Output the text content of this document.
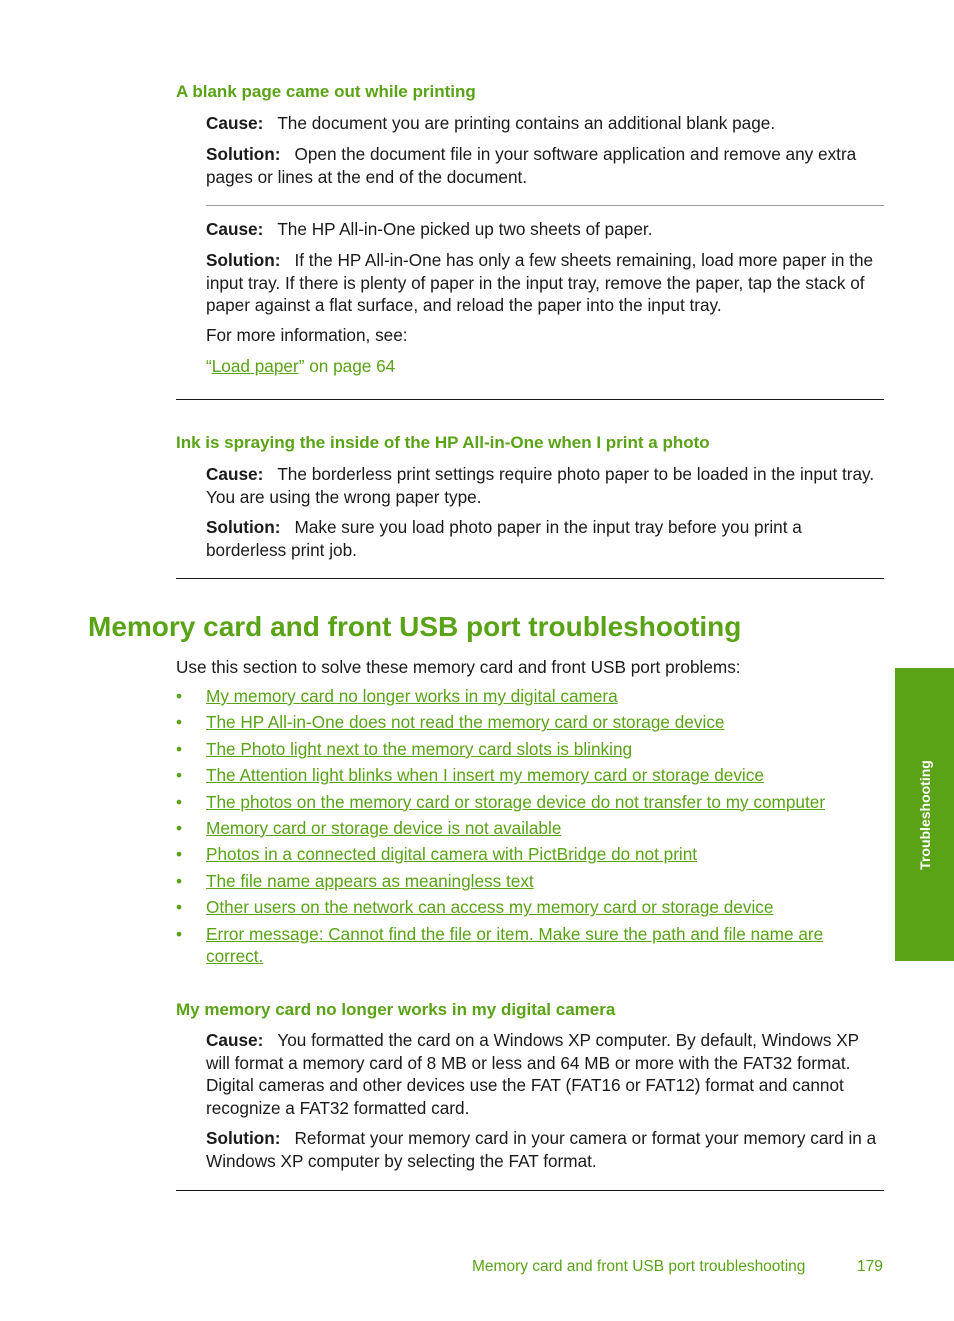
A blank page came out while printing

Cause: The document you are printing contains an additional blank page.

Solution: Open the document file in your software application and remove any extra pages or lines at the end of the document.

Cause: The HP All-in-One picked up two sheets of paper.

Solution: If the HP All-in-One has only a few sheets remaining, load more paper in the input tray. If there is plenty of paper in the input tray, remove the paper, tap the stack of paper against a flat surface, and reload the paper into the input tray.

For more information, see:

“Load paper” on page 64

Ink is spraying the inside of the HP All-in-One when I print a photo

Cause: The borderless print settings require photo paper to be loaded in the input tray. You are using the wrong paper type.

Solution: Make sure you load photo paper in the input tray before you print a borderless print job.

Memory card and front USB port troubleshooting

Use this section to solve these memory card and front USB port problems:

• My memory card no longer works in my digital camera
• The HP All-in-One does not read the memory card or storage device
• The Photo light next to the memory card slots is blinking
• The Attention light blinks when I insert my memory card or storage device
• The photos on the memory card or storage device do not transfer to my computer
• Memory card or storage device is not available
• Photos in a connected digital camera with PictBridge do not print
• The file name appears as meaningless text
• Other users on the network can access my memory card or storage device
• Error message: Cannot find the file or item. Make sure the path and file name are correct.
My memory card no longer works in my digital camera

Cause: You formatted the card on a Windows XP computer. By default, Windows XP will format a memory card of 8 MB or less and 64 MB or more with the FAT32 format. Digital cameras and other devices use the FAT (FAT16 or FAT12) format and cannot recognize a FAT32 formatted card.

Solution: Reformat your memory card in your camera or format your memory card in a Windows XP computer by selecting the FAT format.

Troubleshooting
Memory card and front USB port troubleshooting	179
